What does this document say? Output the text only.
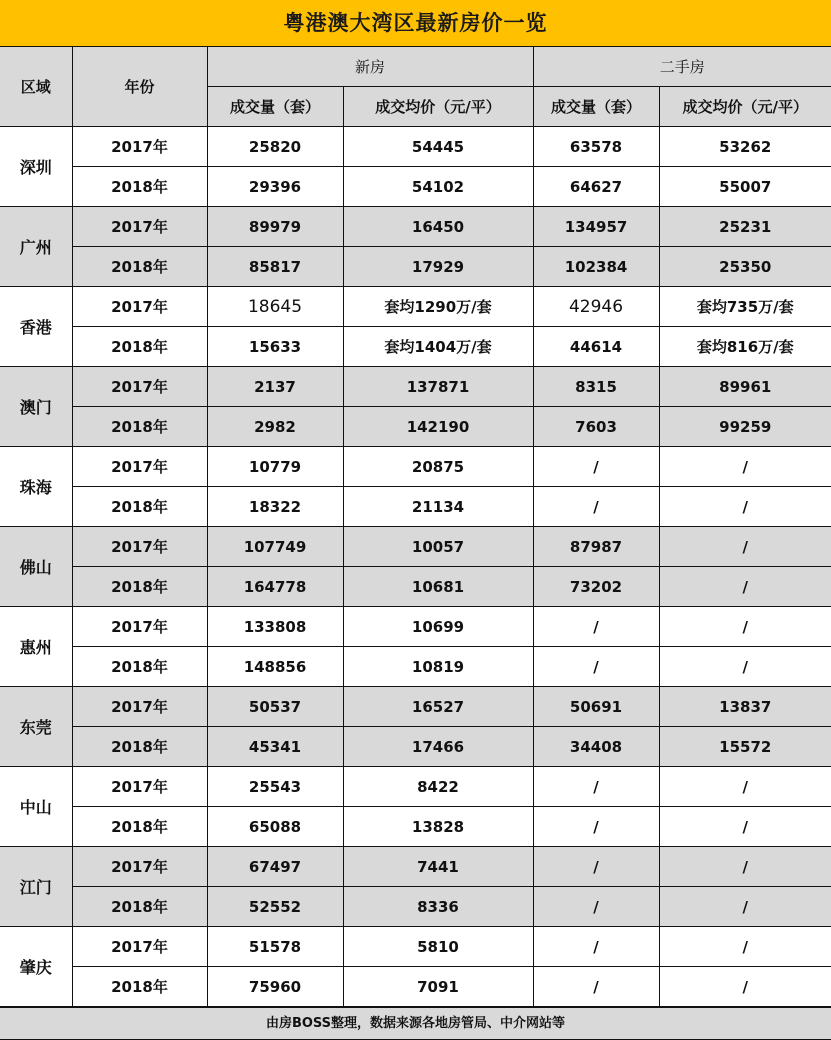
粤港澳大湾区最新房价一览
区域	年份	新房		二手房	
		成交量（套）	成交均价（元/平）	成交量（套）	成交均价（元/平）
深圳	2017年	25820	54445	63578	53262
	2018年	29396	54102	64627	55007
广州	2017年	89979	16450	134957	25231
	2018年	85817	17929	102384	25350
香港	2017年	18645	套均1290万/套	42946	套均735万/套
	2018年	15633	套均1404万/套	44614	套均816万/套
澳门	2017年	2137	137871	8315	89961
	2018年	2982	142190	7603	99259
珠海	2017年	10779	20875	/	/
	2018年	18322	21134	/	/
佛山	2017年	107749	10057	87987	/
	2018年	164778	10681	73202	/
惠州	2017年	133808	10699	/	/
	2018年	148856	10819	/	/
东莞	2017年	50537	16527	50691	13837
	2018年	45341	17466	34408	15572
中山	2017年	25543	8422	/	/
	2018年	65088	13828	/	/
江门	2017年	67497	7441	/	/
	2018年	52552	8336	/	/
肇庆	2017年	51578	5810	/	/
	2018年	75960	7091	/	/
由房BOSS整理，数据来源各地房管局、中介网站等
